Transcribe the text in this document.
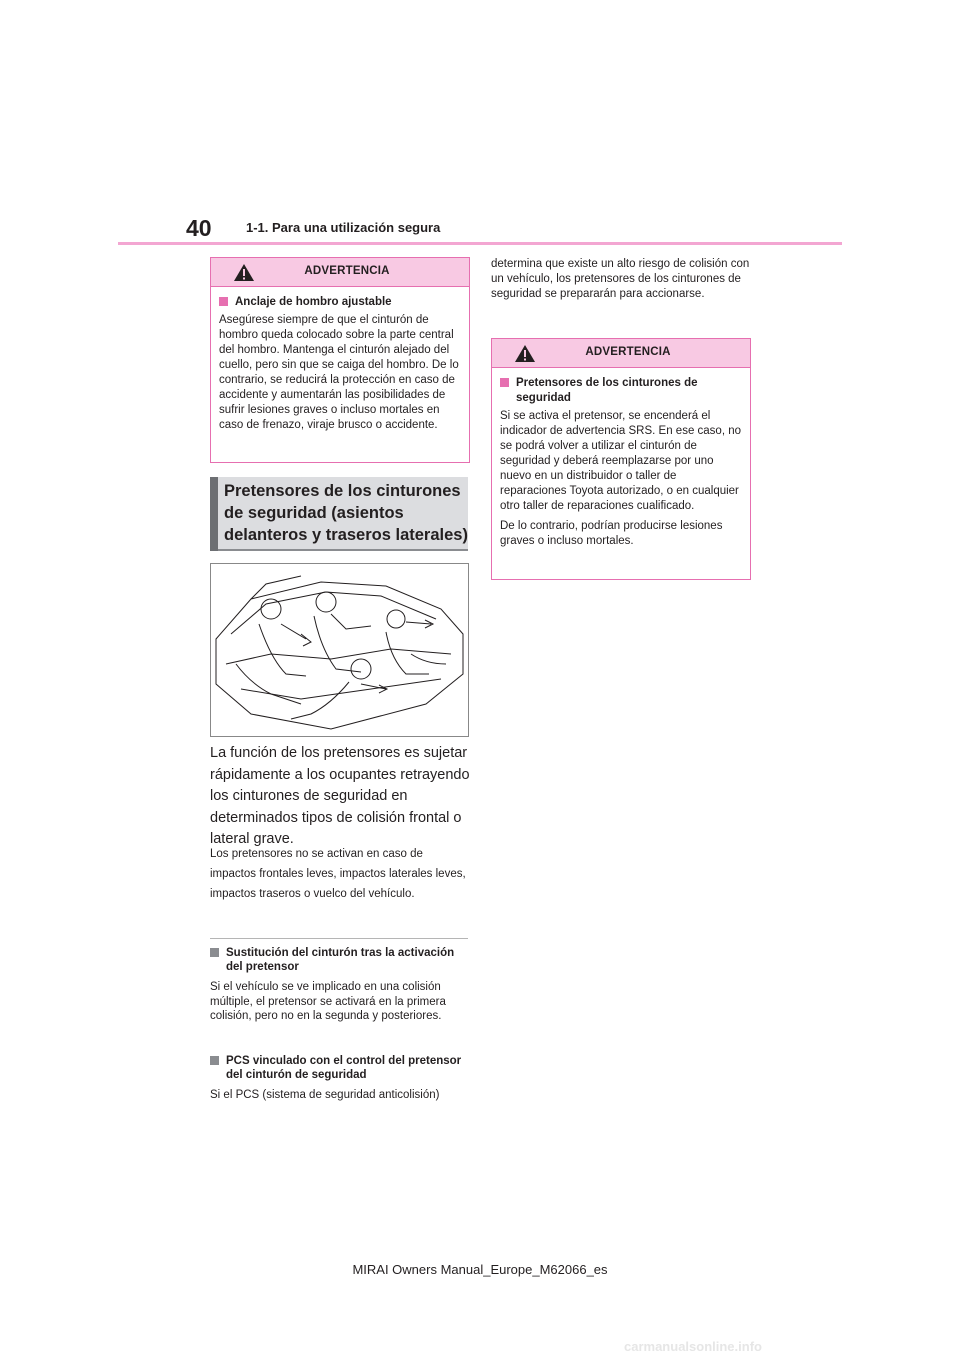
40	1-1. Para una utilización segura
ADVERTENCIA
Anclaje de hombro ajustable
Asegúrese siempre de que el cinturón de hombro queda colocado sobre la parte central del hombro. Mantenga el cinturón alejado del cuello, pero sin que se caiga del hombro. De lo contrario, se reducirá la protección en caso de accidente y aumentarán las posibilidades de sufrir lesiones graves o incluso mortales en caso de frenazo, viraje brusco o accidente.
Pretensores de los cinturones de seguridad (asientos delanteros y traseros laterales)
La función de los pretensores es sujetar rápidamente a los ocupantes retrayendo los cinturones de seguridad en determinados tipos de colisión frontal o lateral grave.
Los pretensores no se activan en caso de impactos frontales leves, impactos laterales leves, impactos traseros o vuelco del vehículo.
Sustitución del cinturón tras la activación del pretensor
Si el vehículo se ve implicado en una colisión múltiple, el pretensor se activará en la primera colisión, pero no en la segunda y posteriores.
PCS vinculado con el control del pretensor del cinturón de seguridad
Si el PCS (sistema de seguridad anticolisión)
determina que existe un alto riesgo de colisión con un vehículo, los pretensores de los cinturones de seguridad se prepararán para accionarse.
ADVERTENCIA
Pretensores de los cinturones de seguridad
Si se activa el pretensor, se encenderá el indicador de advertencia SRS. En ese caso, no se podrá volver a utilizar el cinturón de seguridad y deberá reemplazarse por uno nuevo en un distribuidor o taller de reparaciones Toyota autorizado, o en cualquier otro taller de reparaciones cualificado.
De lo contrario, podrían producirse lesiones graves o incluso mortales.
MIRAI Owners Manual_Europe_M62066_es
carmanualsonline.info
